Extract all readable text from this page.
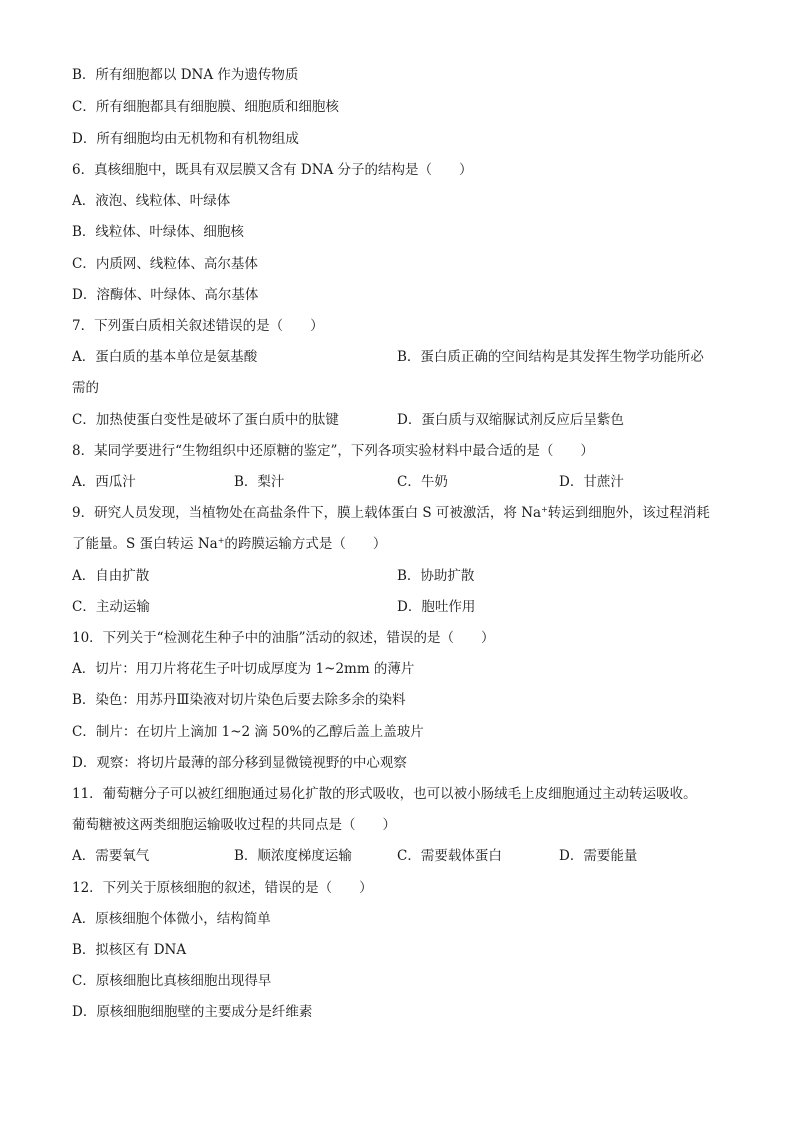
B．所有细胞都以 DNA 作为遗传物质
C．所有细胞都具有细胞膜、细胞质和细胞核
D．所有细胞均由无机物和有机物组成
6．真核细胞中，既具有双层膜又含有 DNA 分子的结构是（　　）
A．液泡、线粒体、叶绿体
B．线粒体、叶绿体、细胞核
C．内质网、线粒体、高尔基体
D．溶酶体、叶绿体、高尔基体
7．下列蛋白质相关叙述错误的是（　　）
A．蛋白质的基本单位是氨基酸	B．蛋白质正确的空间结构是其发挥生物学功能所必
需的
C．加热使蛋白变性是破坏了蛋白质中的肽键	D．蛋白质与双缩脲试剂反应后呈紫色
8．某同学要进行“生物组织中还原糖的鉴定”，下列各项实验材料中最合适的是（　　）
A．西瓜汁	B．梨汁	C．牛奶	D．甘蔗汁
9．研究人员发现，当植物处在高盐条件下，膜上载体蛋白 S 可被激活，将 Na+转运到细胞外，该过程消耗
了能量。S 蛋白转运 Na+的跨膜运输方式是（　　）
A．自由扩散	B．协助扩散
C．主动运输	D．胞吐作用
10．下列关于“检测花生种子中的油脂”活动的叙述，错误的是（　　）
A．切片：用刀片将花生子叶切成厚度为 1~2mm 的薄片
B．染色：用苏丹Ⅲ染液对切片染色后要去除多余的染料
C．制片：在切片上滴加 1~2 滴 50%的乙醇后盖上盖玻片
D．观察：将切片最薄的部分移到显微镜视野的中心观察
11．葡萄糖分子可以被红细胞通过易化扩散的形式吸收，也可以被小肠绒毛上皮细胞通过主动转运吸收。
葡萄糖被这两类细胞运输吸收过程的共同点是（　　）
A．需要氧气	B．顺浓度梯度运输	C．需要载体蛋白	D．需要能量
12．下列关于原核细胞的叙述，错误的是（　　）
A．原核细胞个体微小，结构简单
B．拟核区有 DNA
C．原核细胞比真核细胞出现得早
D．原核细胞细胞壁的主要成分是纤维素
